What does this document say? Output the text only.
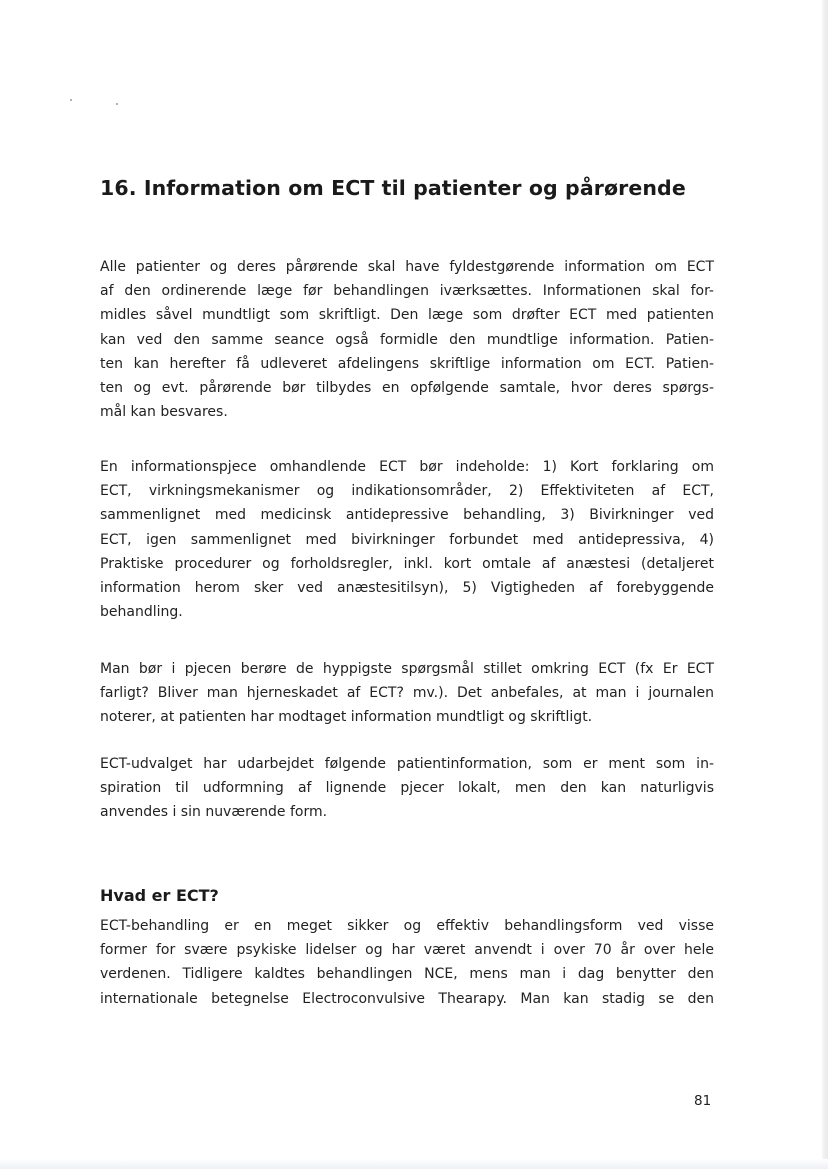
16. Information om ECT til patienter og pårørende
Alle patienter og deres pårørende skal have fyldestgørende information om ECT
af den ordinerende læge før behandlingen iværksættes. Informationen skal for-
midles såvel mundtligt som skriftligt. Den læge som drøfter ECT med patienten
kan ved den samme seance også formidle den mundtlige information. Patien-
ten kan herefter få udleveret afdelingens skriftlige information om ECT. Patien-
ten og evt. pårørende bør tilbydes en opfølgende samtale, hvor deres spørgs-
mål kan besvares.
En informationspjece omhandlende ECT bør indeholde: 1) Kort forklaring om
ECT, virkningsmekanismer og indikationsområder, 2) Effektiviteten af ECT,
sammenlignet med medicinsk antidepressive behandling, 3) Bivirkninger ved
ECT, igen sammenlignet med bivirkninger forbundet med antidepressiva, 4)
Praktiske procedurer og forholdsregler, inkl. kort omtale af anæstesi (detaljeret
information herom sker ved anæstesitilsyn), 5) Vigtigheden af forebyggende
behandling.
Man bør i pjecen berøre de hyppigste spørgsmål stillet omkring ECT (fx Er ECT
farligt? Bliver man hjerneskadet af ECT? mv.). Det anbefales, at man i journalen
noterer, at patienten har modtaget information mundtligt og skriftligt.
ECT-udvalget har udarbejdet følgende patientinformation, som er ment som in-
spiration til udformning af lignende pjecer lokalt, men den kan naturligvis
anvendes i sin nuværende form.
Hvad er ECT?
ECT-behandling er en meget sikker og effektiv behandlingsform ved visse
former for svære psykiske lidelser og har været anvendt i over 70 år over hele
verdenen. Tidligere kaldtes behandlingen NCE, mens man i dag benytter den
internationale betegnelse Electroconvulsive Thearapy. Man kan stadig se den
81
